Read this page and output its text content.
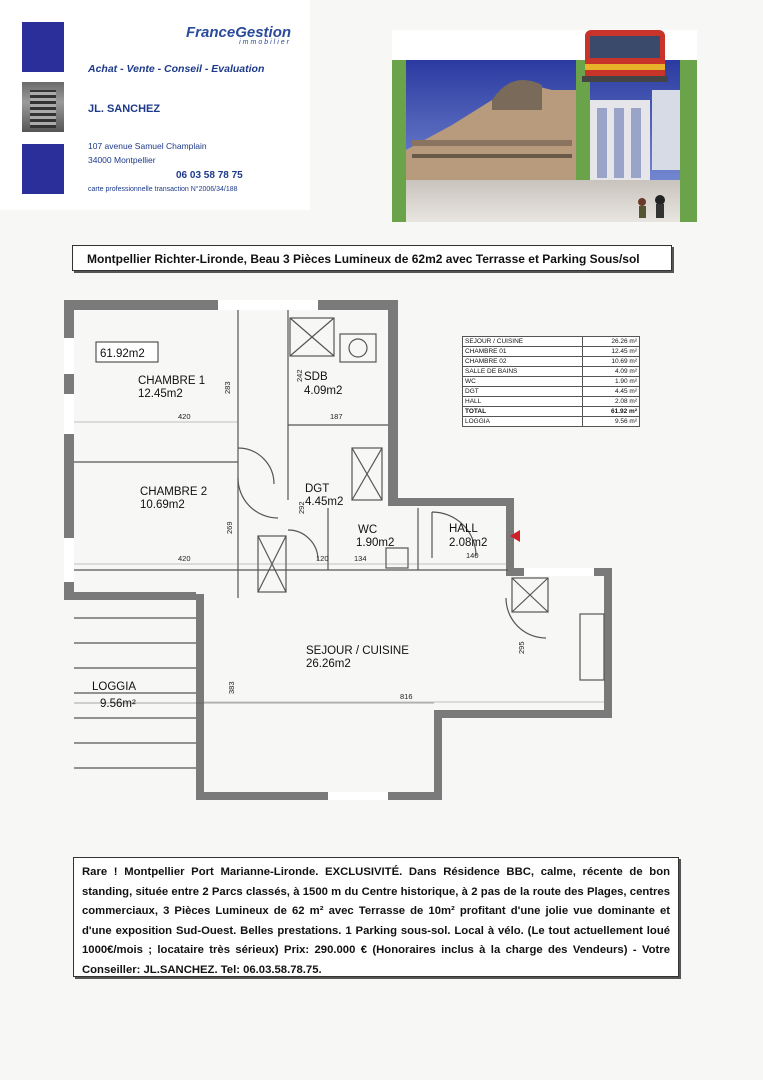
FranceGestion
immobilier
Achat - Vente - Conseil - Evaluation
JL. SANCHEZ
107 avenue Samuel Champlain
34000 Montpellier
06 03 58 78 75
carte professionnelle transaction N°2006/34/188
Montpellier Richter-Lironde, Beau 3 Pièces Lumineux de 62m2 avec Terrasse et Parking Sous/sol
61.92m2
CHAMBRE 1
12.45m2
CHAMBRE 2
10.69m2
SDB
4.09m2
DGT
4.45m2
WC
1.90m2
HALL
2.08m2
SEJOUR / CUISINE
26.26m2
LOGGIA
9.56m²
420
283
242
187
420
269
292
120	134	140
383
816
295
SEJOUR / CUISINE	26.26 m²
CHAMBRE 01	12.45 m²
CHAMBRE 02	10.69 m²
SALLE DE BAINS	4.09 m²
WC	1.90 m²
DGT	4.45 m²
HALL	2.08 m²
TOTAL	61.92 m²
LOGGIA	9.56 m²
Rare ! Montpellier Port Marianne-Lironde. EXCLUSIVITÉ. Dans Résidence BBC, calme, récente de bon standing, située entre 2 Parcs classés, à 1500 m du Centre historique, à 2 pas de la route des Plages, centres commerciaux, 3 Pièces Lumineux de 62 m² avec Terrasse de 10m² profitant d'une jolie vue dominante et d'une exposition Sud-Ouest. Belles prestations. 1 Parking sous-sol. Local à vélo. (Le tout actuellement loué 1000€/mois ; locataire très sérieux) Prix: 290.000 € (Honoraires inclus à la charge des Vendeurs) - Votre Conseiller: JL.SANCHEZ. Tel: 06.03.58.78.75.
